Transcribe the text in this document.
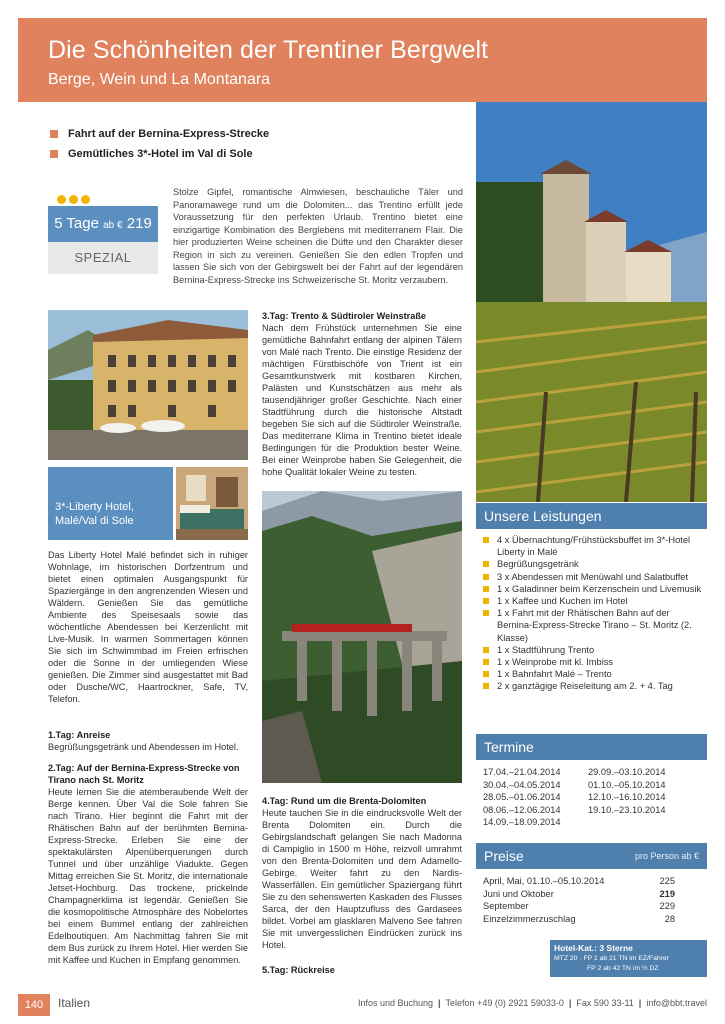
Die Schönheiten der Trentiner Bergwelt
Berge, Wein und La Montanara
Fahrt auf der Bernina-Express-Strecke
Gemütliches 3*-Hotel im Val di Sole
5 Tage ab € 219
SPEZIAL

Stolze Gipfel, romantische Almwiesen, beschauliche Täler und Panoramawege rund um die Dolomiten... das Trentino erfüllt jede Voraussetzung für den perfekten Urlaub. Trentino bietet eine einzigartige Kombination des Berglebens mit mediterranem Flair. Die hier produzierten Weine scheinen die Düfte und den Charakter dieser Region in sich zu vereinen. Genießen Sie den edlen Tropfen und lassen Sie sich von der Gebirgswelt bei der Fahrt auf der legendären Bernina-Express-Strecke ins Schweizerische St. Moritz verzaubern.

3*-Liberty Hotel, Malé/Val di Sole

Das Liberty Hotel Malé befindet sich in ruhiger Wohnlage, im historischen Dorfzentrum und bietet einen optimalen Ausgangspunkt für Spaziergänge in den angrenzenden Wiesen und Wäldern. Genießen Sie das gemütliche Ambiente des Speisesaals sowie das wöchentliche Abendessen bei Kerzenlicht mit Live-Musik. In warmen Sommertagen können Sie sich im Schwimmbad im Freien erfrischen oder die Sonne in der umliegenden Wiese genießen. Die Zimmer sind ausgestattet mit Bad oder Dusche/WC, Haartrockner, Safe, TV, Telefon.

1.Tag: Anreise

Begrüßungsgetränk und Abendessen im Hotel.

2.Tag: Auf der Bernina-Express-Strecke von Tirano nach St. Moritz

Heute lernen Sie die atemberaubende Welt der Berge kennen. Über Val die Sole fahren Sie nach Tirano. Hier beginnt die Fahrt mit der Rhätischen Bahn auf der berühmten Bernina-Express-Strecke. Erleben Sie eine der spektakulärsten Alpenüberquerungen durch Tunnel und über unzählige Viadukte. Gegen Mittag erreichen Sie St. Moritz, die internationale Jetset-Hochburg. Das trockene, prickelnde Champagnerklima ist legendär. Genießen Sie die kosmopolitische Atmosphäre des Nobelortes bei einem Bummel entlang der zahlreichen Edelboutiquen. Am Nachmittag fahren Sie mit dem Bus zurück zu Ihrem Hotel. Hier werden Sie mit Kaffee und Kuchen in Empfang genommen.

3.Tag: Trento & Südtiroler Weinstraße

Nach dem Frühstück unternehmen Sie eine gemütliche Bahnfahrt entlang der alpinen Tälern von Malé nach Trento. Die einstige Residenz der mächtigen Fürstbischöfe von Trient ist ein Gesamtkunstwerk mit kostbaren Kirchen, Palästen und Kunstschätzen aus mehr als tausendjähriger großer Geschichte. Nach einer Stadtführung durch die historische Altstadt begeben Sie sich auf die Südtiroler Weinstraße. Das mediterrane Klima in Trentino bietet ideale Bedingungen für die Produktion bester Weine. Bei einer Weinprobe haben Sie Gelegenheit, die hohe Qualität lokaler Weine zu testen.

4.Tag: Rund um die Brenta-Dolomiten

Heute tauchen Sie in die eindrucksvolle Welt der Brenta Dolomiten ein. Durch die Gebirgslandschaft gelangen Sie nach Madonna di Campiglio in 1500 m Höhe, reizvoll umrahmt von den Brenta-Dolomiten und dem Adamello-Gebirge. Weiter fahrt zu den Nardis-Wasserfällen. Ein gemütlicher Spaziergang führt Sie zu den sehenswerten Kaskaden des Flusses Sarca, der den Hauptzufluss des Gardasees bildet. Vorbei am glasklaren Malveno See fahren Sie mit unvergesslichen Eindrücken zurück ins Hotel.

5.Tag: Rückreise

Unsere Leistungen
4 x Übernachtung/Frühstücksbuffet im 3*-Hotel Liberty in Malé
Begrüßungsgetränk
3 x Abendessen mit Menüwahl und Salatbuffet
1 x Galadinner beim Kerzenschein und Livemusik
1 x Kaffee und Kuchen im Hotel
1 x Fahrt mit der Rhätischen Bahn auf der Bernina-Express-Strecke Tirano – St. Moritz (2. Klasse)
1 x Stadtführung Trento
1 x Weinprobe mit kl. Imbiss
1 x Bahnfahrt Malé – Trento
2 x ganztägige Reiseleitung am 2. + 4. Tag
Termine
17.04.–21.04.2014	29.09.–03.10.2014
30.04.–04.05.2014	01.10.–05.10.2014
28.05.–01.06.2014	12.10.–16.10.2014
08.06.–12.06.2014	19.10.–23.10.2014
14.09.–18.09.2014
Preise	pro Person ab €
April, Mai, 01.10.–05.10.2014	225
Juni und Oktober	219
September	229
Einzelzimmerzuschlag	28
Hotel-Kat.: 3 Sterne
MTZ 20 · FP 1 ab 21 TN im EZ/Fahrer
FP 2 ab 42 TN im ½ DZ
140	Italien	Infos und Buchung | Telefon +49 (0) 2921 59033-0 | Fax 590 33-11 | info@bbt.travel
